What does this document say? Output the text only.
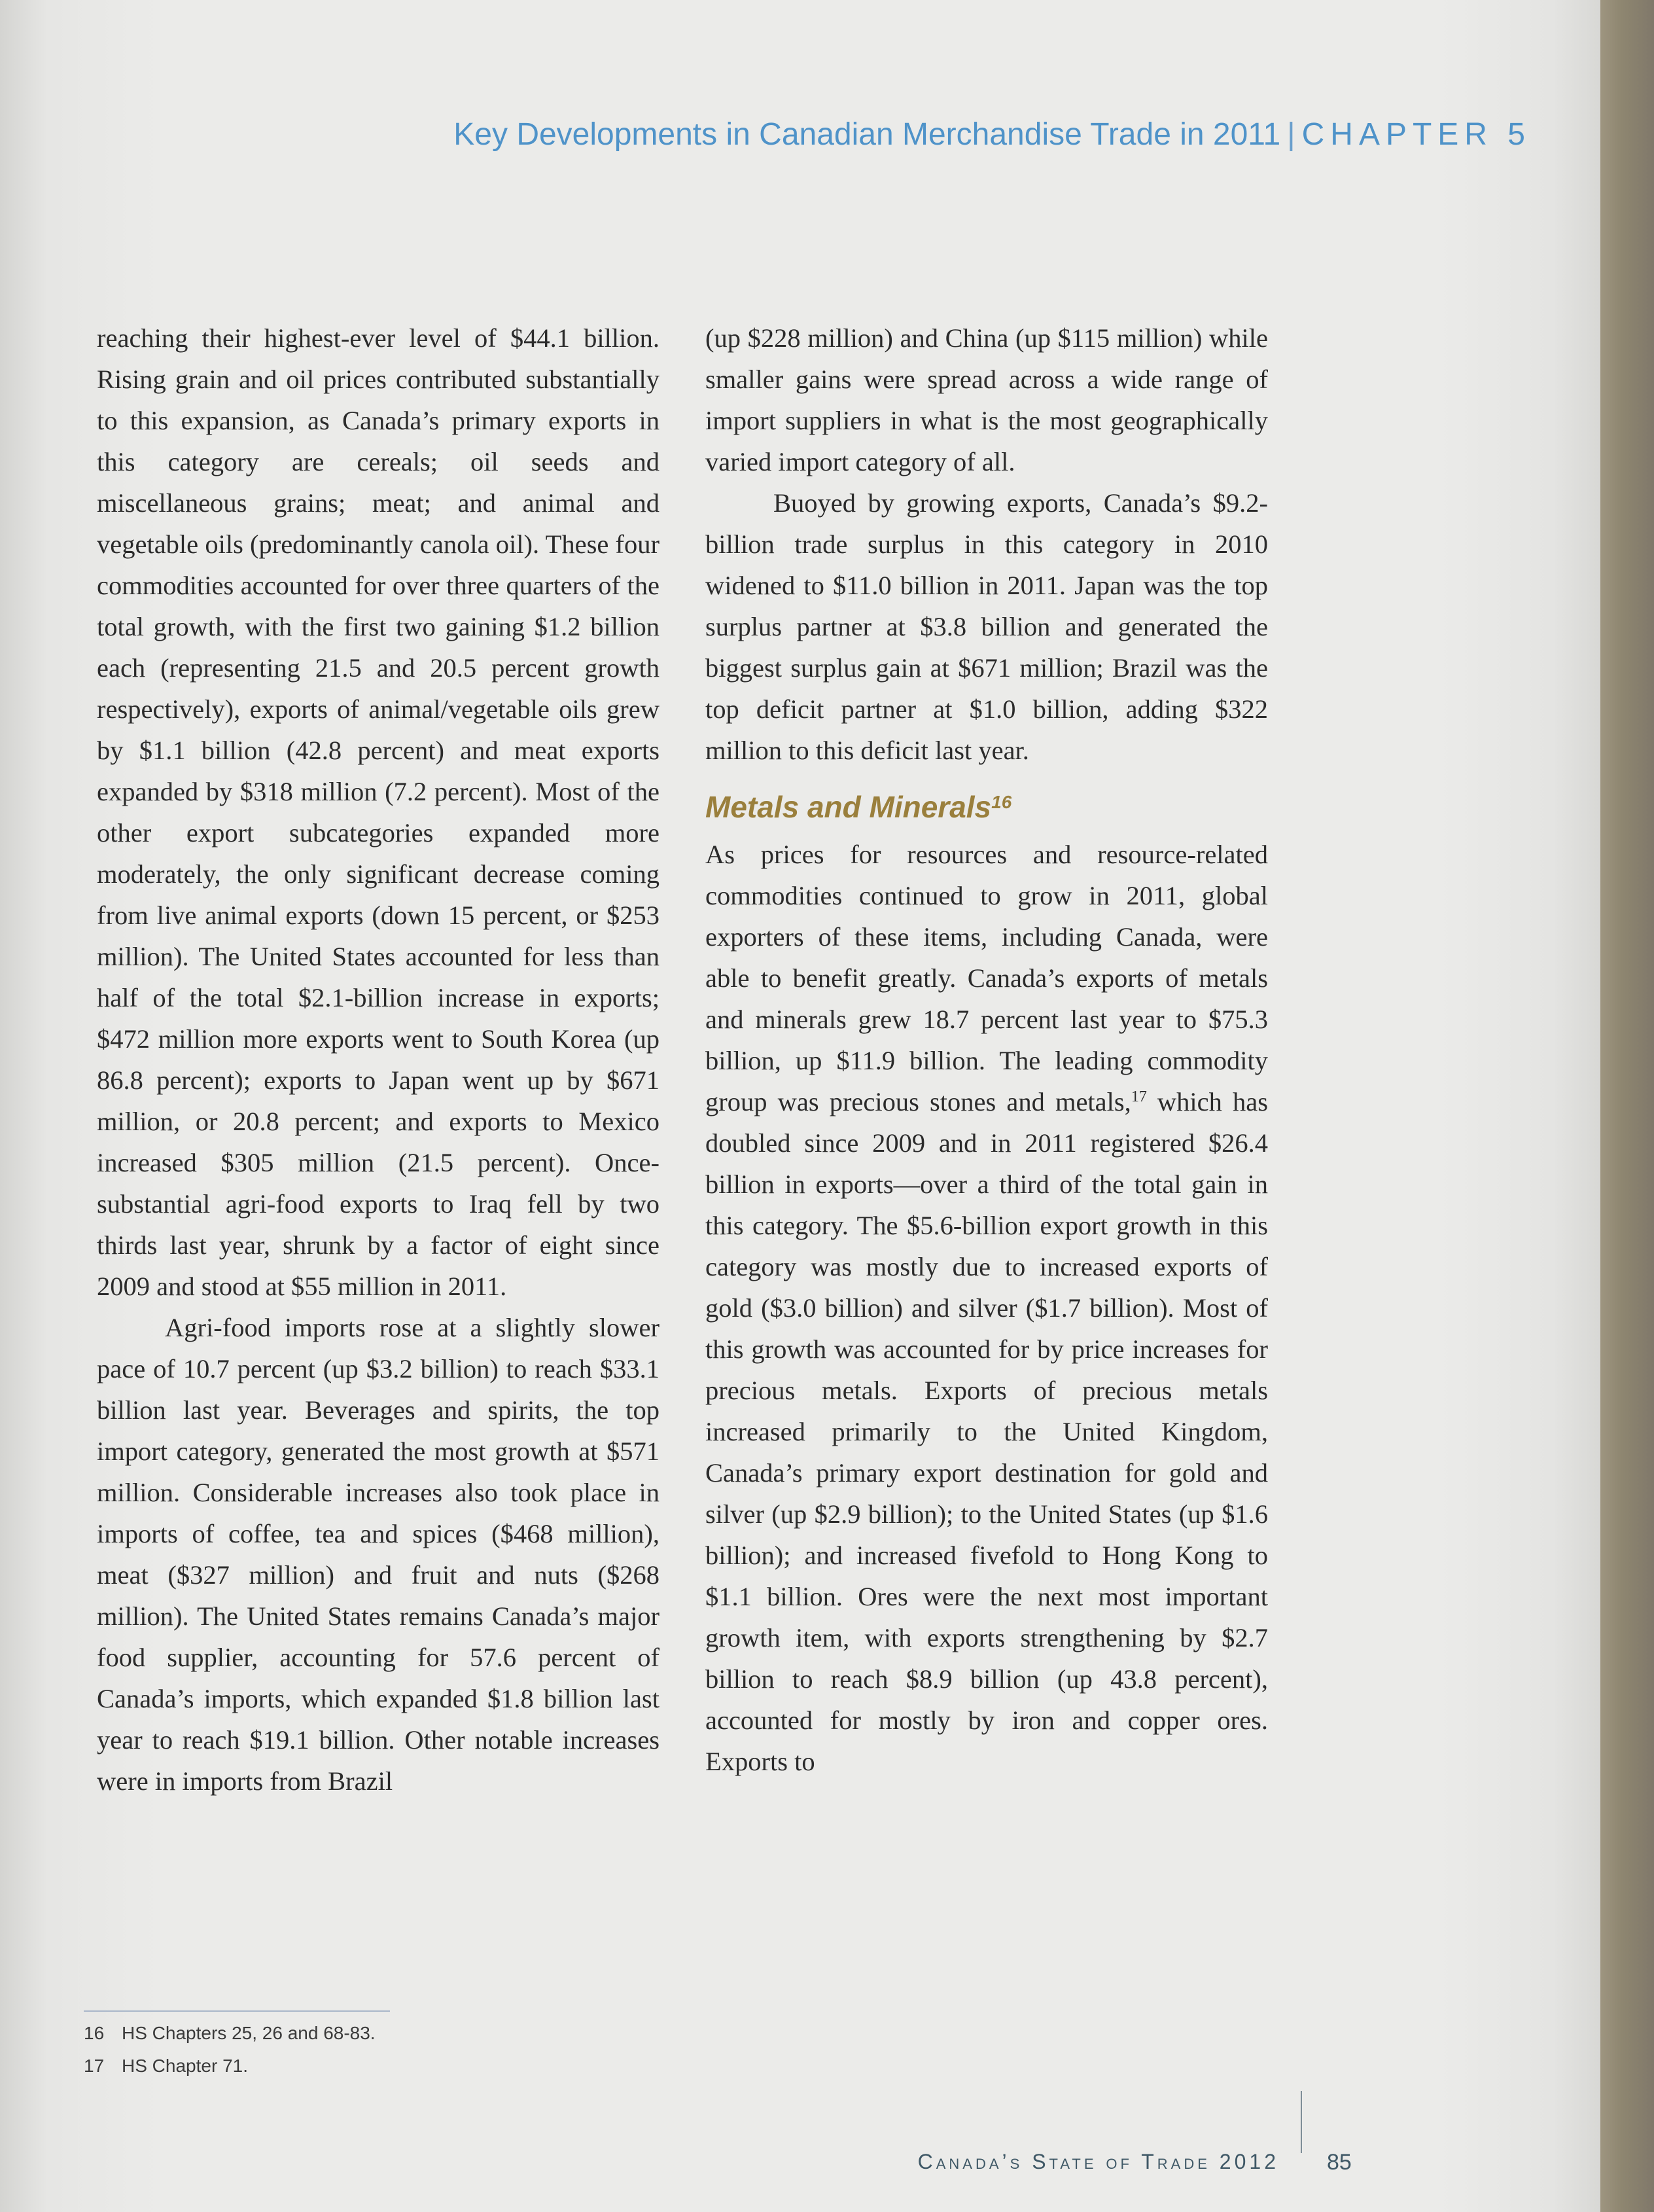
Key Developments in Canadian Merchandise Trade in 2011 | CHAPTER 5

reaching their highest-ever level of $44.1 billion. Rising grain and oil prices contributed substantially to this expansion, as Canada’s primary exports in this category are cereals; oil seeds and miscellaneous grains; meat; and animal and vegetable oils (predominantly canola oil). These four commodities accounted for over three quarters of the total growth, with the first two gaining $1.2 billion each (representing 21.5 and 20.5 percent growth respectively), exports of animal/vegetable oils grew by $1.1 billion (42.8 percent) and meat exports expanded by $318 million (7.2 percent). Most of the other export subcategories expanded more moderately, the only significant decrease coming from live animal exports (down 15 percent, or $253 million). The United States accounted for less than half of the total $2.1-billion increase in exports; $472 million more exports went to South Korea (up 86.8 percent); exports to Japan went up by $671 million, or 20.8 percent; and exports to Mexico increased $305 million (21.5 percent). Once-substantial agri-food exports to Iraq fell by two thirds last year, shrunk by a factor of eight since 2009 and stood at $55 million in 2011.

Agri-food imports rose at a slightly slower pace of 10.7 percent (up $3.2 billion) to reach $33.1 billion last year. Beverages and spirits, the top import category, generated the most growth at $571 million. Considerable increases also took place in imports of coffee, tea and spices ($468 million), meat ($327 million) and fruit and nuts ($268 million). The United States remains Canada’s major food supplier, accounting for 57.6 percent of Canada’s imports, which expanded $1.8 billion last year to reach $19.1 billion. Other notable increases were in imports from Brazil

(up $228 million) and China (up $115 million) while smaller gains were spread across a wide range of import suppliers in what is the most geographically varied import category of all.

Buoyed by growing exports, Canada’s $9.2-billion trade surplus in this category in 2010 widened to $11.0 billion in 2011. Japan was the top surplus partner at $3.8 billion and generated the biggest surplus gain at $671 million; Brazil was the top deficit partner at $1.0 billion, adding $322 million to this deficit last year.

Metals and Minerals$^{16}$

As prices for resources and resource-related commodities continued to grow in 2011, global exporters of these items, including Canada, were able to benefit greatly. Canada’s exports of metals and minerals grew 18.7 percent last year to $75.3 billion, up $11.9 billion. The leading commodity group was precious stones and metals,$^{17}$ which has doubled since 2009 and in 2011 registered $26.4 billion in exports—over a third of the total gain in this category. The $5.6-billion export growth in this category was mostly due to increased exports of gold ($3.0 billion) and silver ($1.7 billion). Most of this growth was accounted for by price increases for precious metals. Exports of precious metals increased primarily to the United Kingdom, Canada’s primary export destination for gold and silver (up $2.9 billion); to the United States (up $1.6 billion); and increased fivefold to Hong Kong to $1.1 billion. Ores were the next most important growth item, with exports strengthening by $2.7 billion to reach $8.9 billion (up 43.8 percent), accounted for mostly by iron and copper ores. Exports to

16 HS Chapters 25, 26 and 68-83.
17 HS Chapter 71.
Canada’s State of Trade 2012 85
